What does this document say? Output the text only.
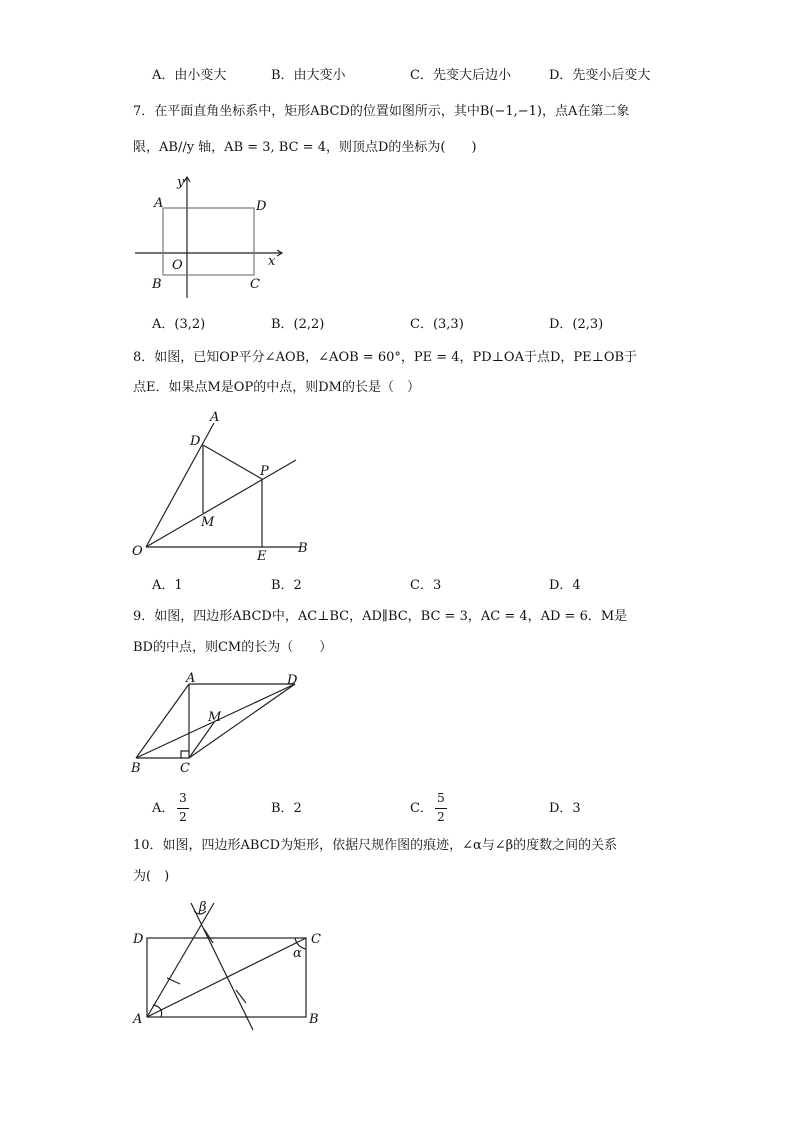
A．由小变大	B．由大变小	C．先变大后边小	D．先变小后变大
7．在平面直角坐标系中，矩形ABCD的位置如图所示，其中B(−1,−1)，点A在第二象
限，AB//y 轴，AB = 3, BC = 4，则顶点D的坐标为(　　)
y
x
A	D
O
B	C
A．(3,2)	B．(2,2)	C．(3,3)	D．(2,3)
8．如图，已知OP平分∠AOB，∠AOB = 60°，PE = 4，PD⊥OA于点D，PE⊥OB于
点E．如果点M是OP的中点，则DM的长是（　）
A
D
P
M
O	E
B
A．1	B．2	C．3	D．4
9．如图，四边形ABCD中，AC⊥BC，AD∥BC，BC = 3，AC = 4，AD = 6．M是
BD的中点，则CM的长为（　　）
A	D
M
B	C
A．
3
2
B．2	C．
5
2
D．3
10．如图，四边形ABCD为矩形，依据尺规作图的痕迹，∠α与∠β的度数之间的关系
为(　)
D	C
A	B
α
β
